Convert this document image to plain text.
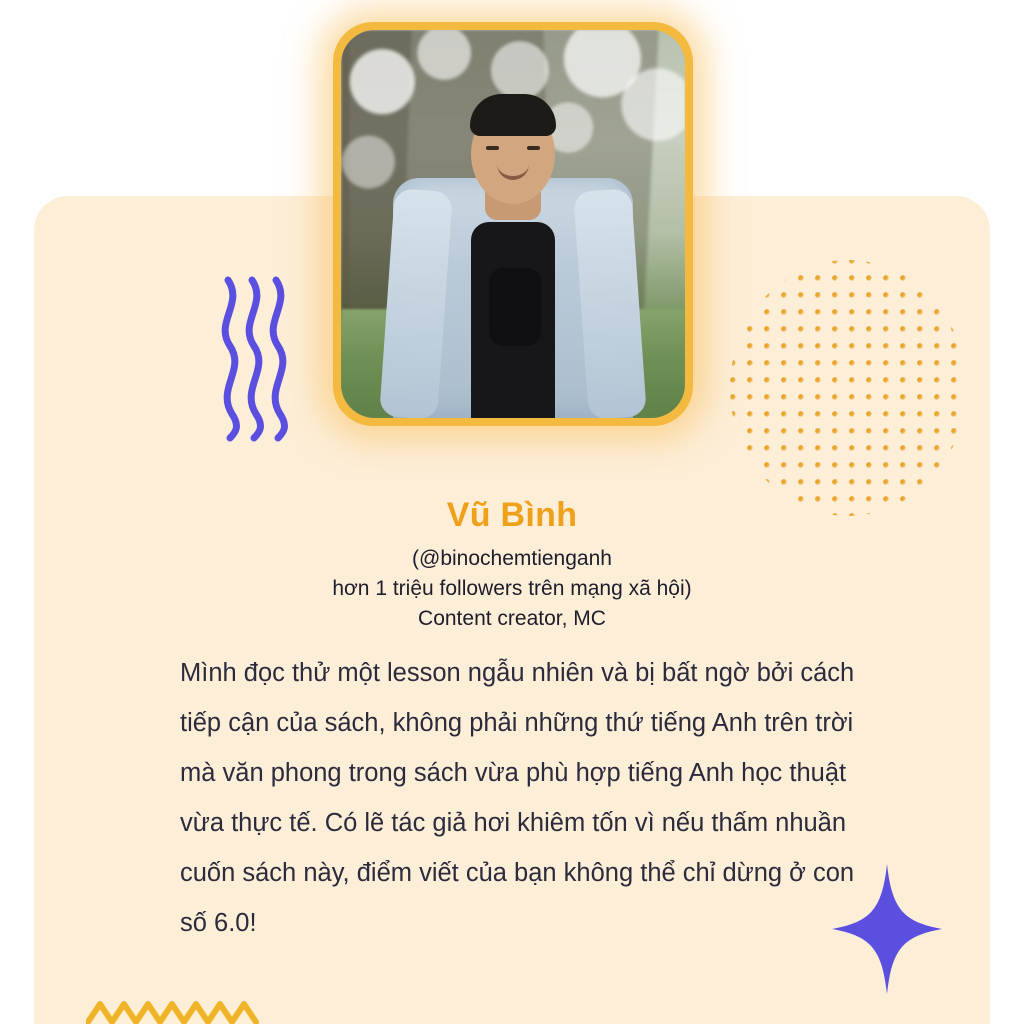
Vũ Bình
(@binochemtienganh
hơn 1 triệu followers trên mạng xã hội)
Content creator, MC
Mình đọc thử một lesson ngẫu nhiên và bị bất ngờ bởi cách tiếp cận của sách, không phải những thứ tiếng Anh trên trời mà văn phong trong sách vừa phù hợp tiếng Anh học thuật vừa thực tế. Có lẽ tác giả hơi khiêm tốn vì nếu thấm nhuần cuốn sách này, điểm viết của bạn không thể chỉ dừng ở con số 6.0!
